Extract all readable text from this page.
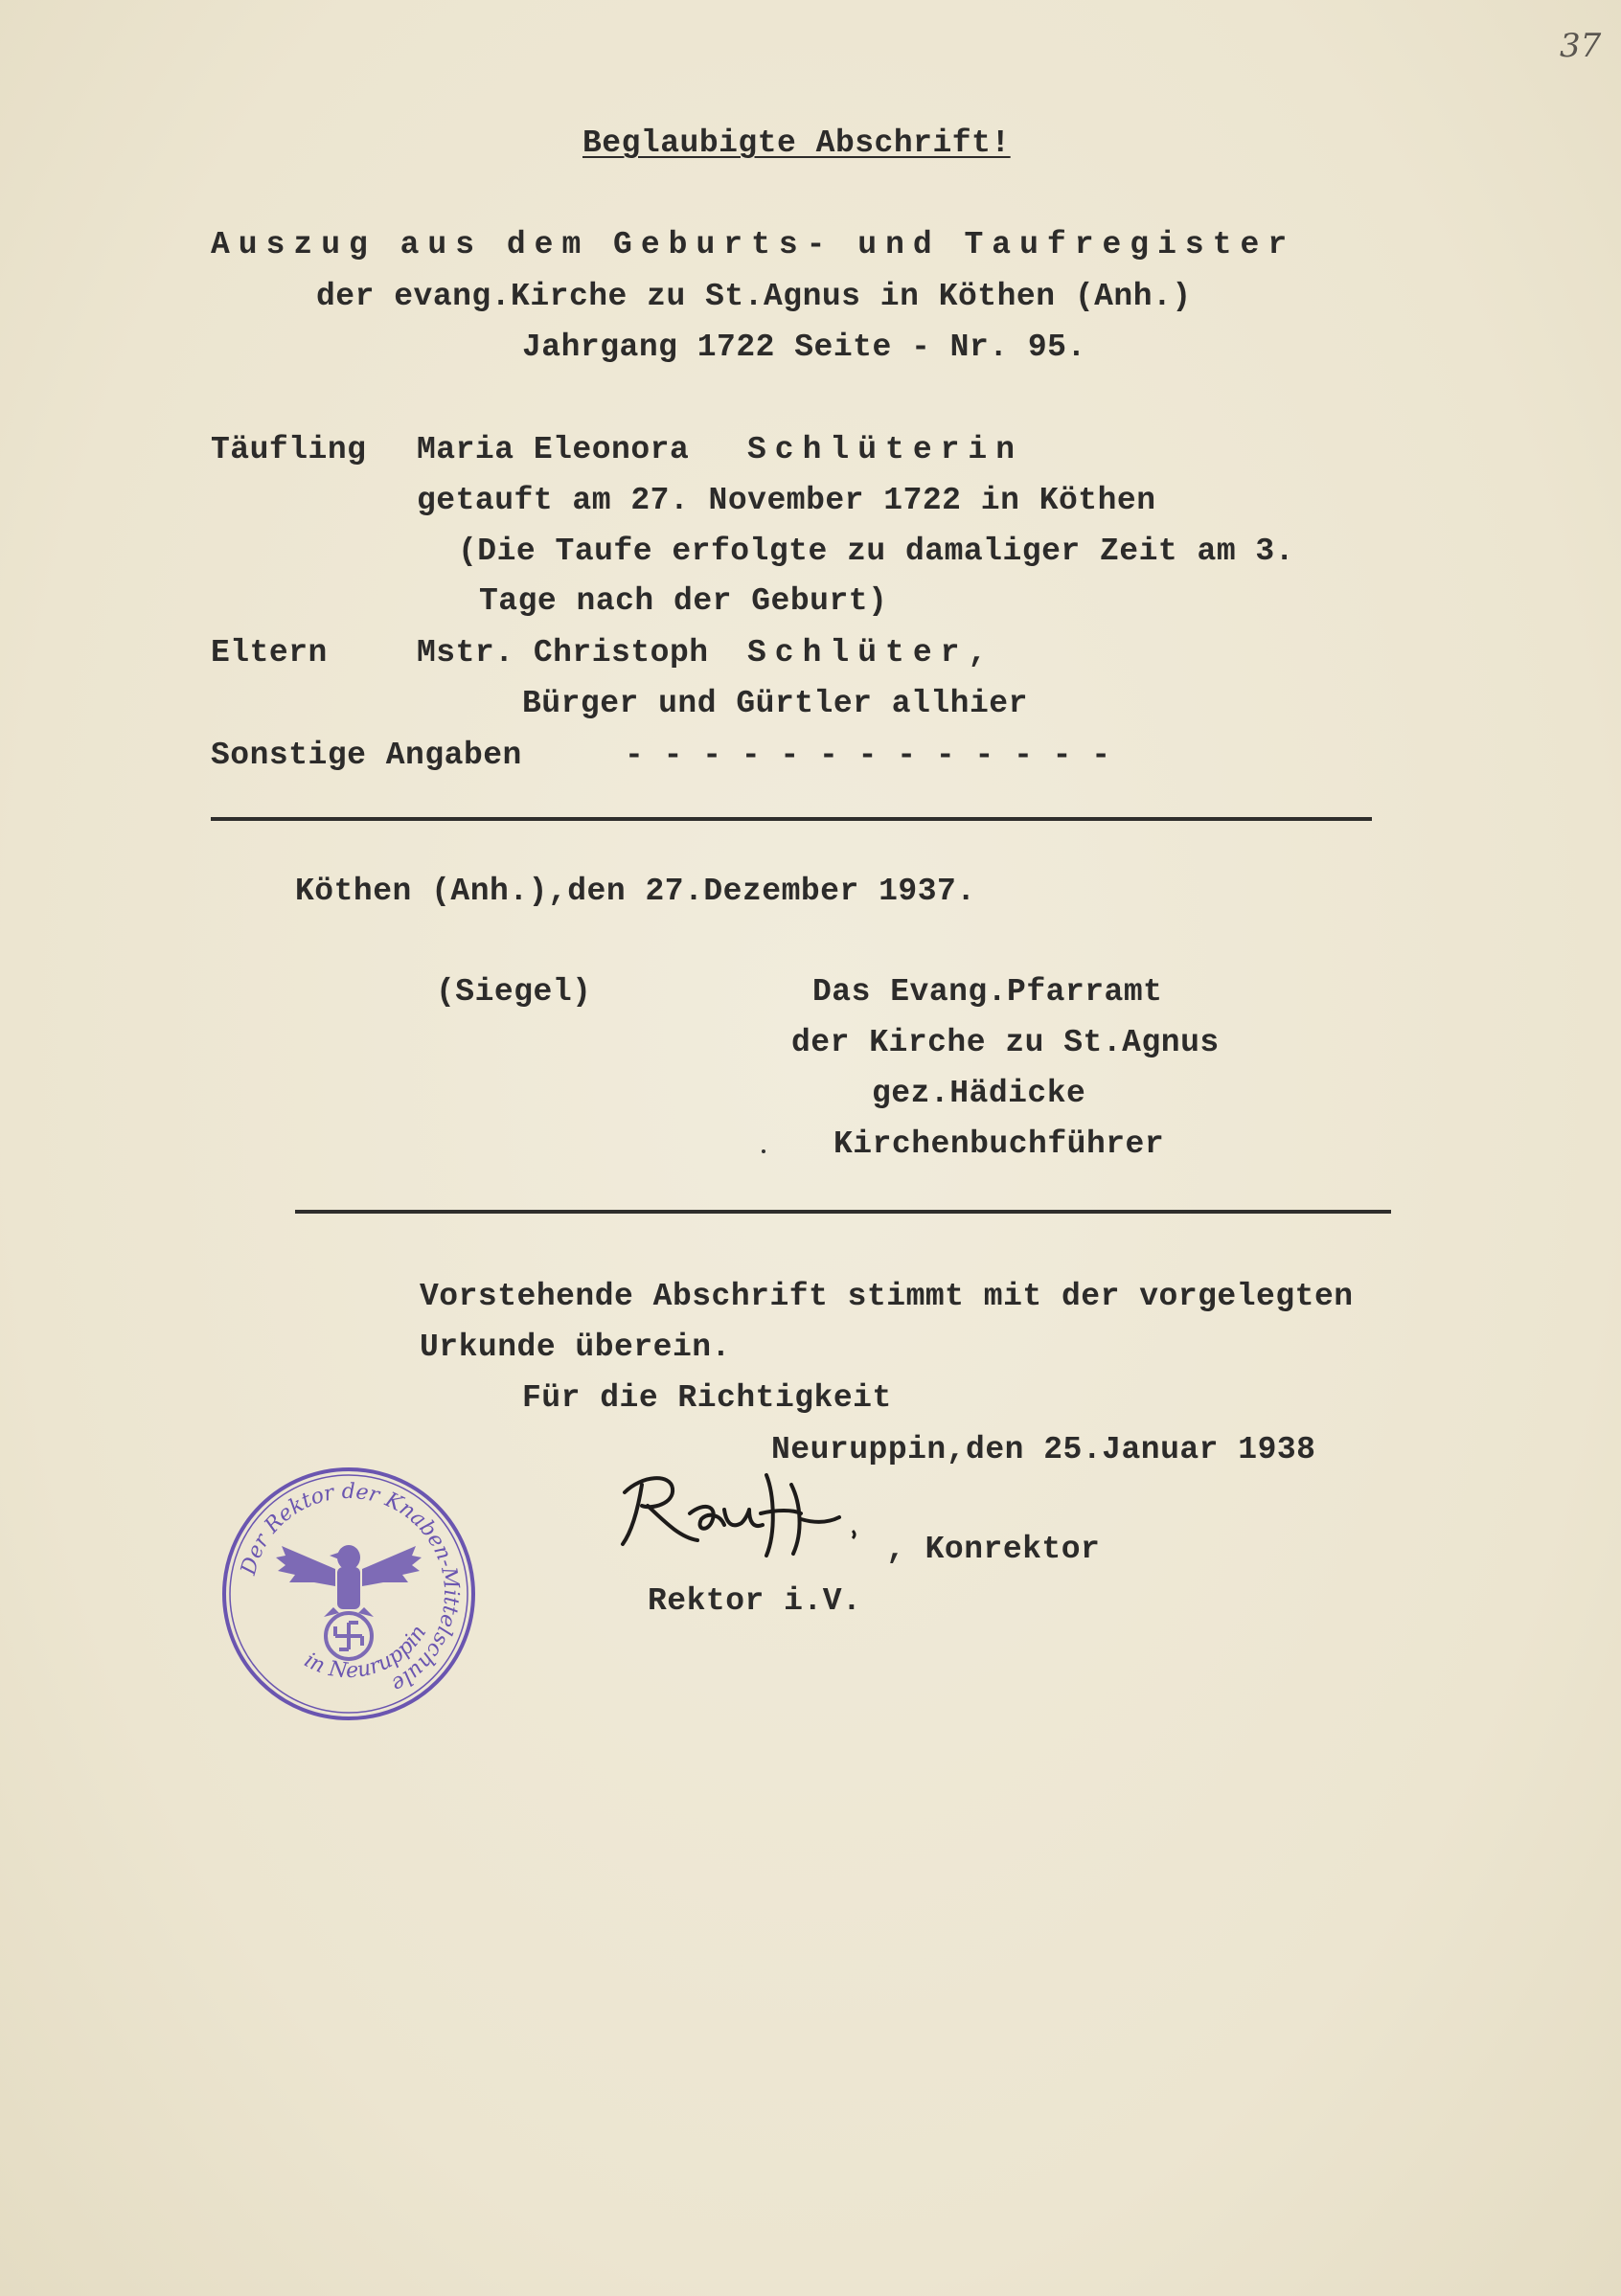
37
Beglaubigte Abschrift!
Auszug aus dem Geburts- und Taufregister
der evang.Kirche zu St.Agnus in Köthen (Anh.)
Jahrgang 1722 Seite - Nr. 95.
Täufling Maria Eleonora Schlüterin
getauft am 27. November 1722 in Köthen
(Die Taufe erfolgte zu damaliger Zeit am 3.
Tage nach der Geburt)
Eltern	Mstr. Christoph Schlüter,
Bürger und Gürtler allhier
Sonstige Angaben	- - - - - - - - - - - - -
Köthen (Anh.),den 27.Dezember 1937.
(Siegel)	Das Evang.Pfarramt
der Kirche zu St.Agnus
gez.Hädicke
Kirchenbuchführer
Vorstehende Abschrift stimmt mit der vorgelegten
Urkunde überein.
Für die Richtigkeit
Neuruppin,den 25.Januar 1938
, Konrektor
Rektor i.V.
Der Rektor der Knaben-Mittelschule
in Neuruppin
